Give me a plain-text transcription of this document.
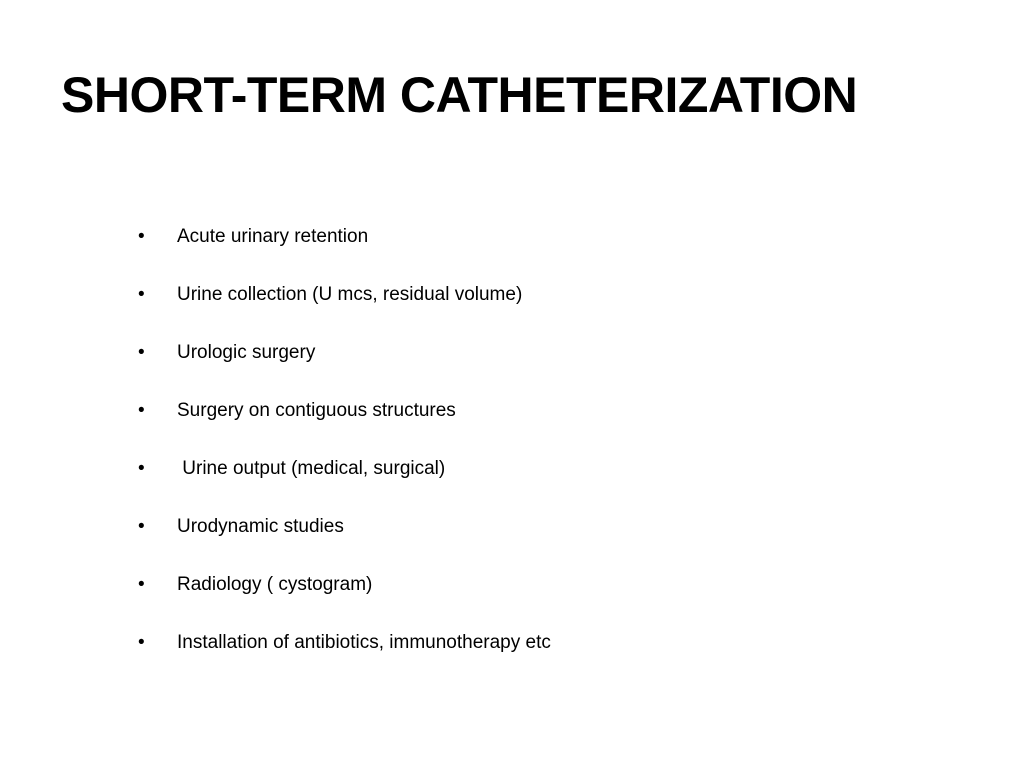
SHORT-TERM CATHETERIZATION
• Acute urinary retention
• Urine collection (U mcs, residual volume)
• Urologic surgery
• Surgery on contiguous structures
• Urine output (medical, surgical)
• Urodynamic studies
• Radiology ( cystogram)
• Installation of antibiotics, immunotherapy etc
